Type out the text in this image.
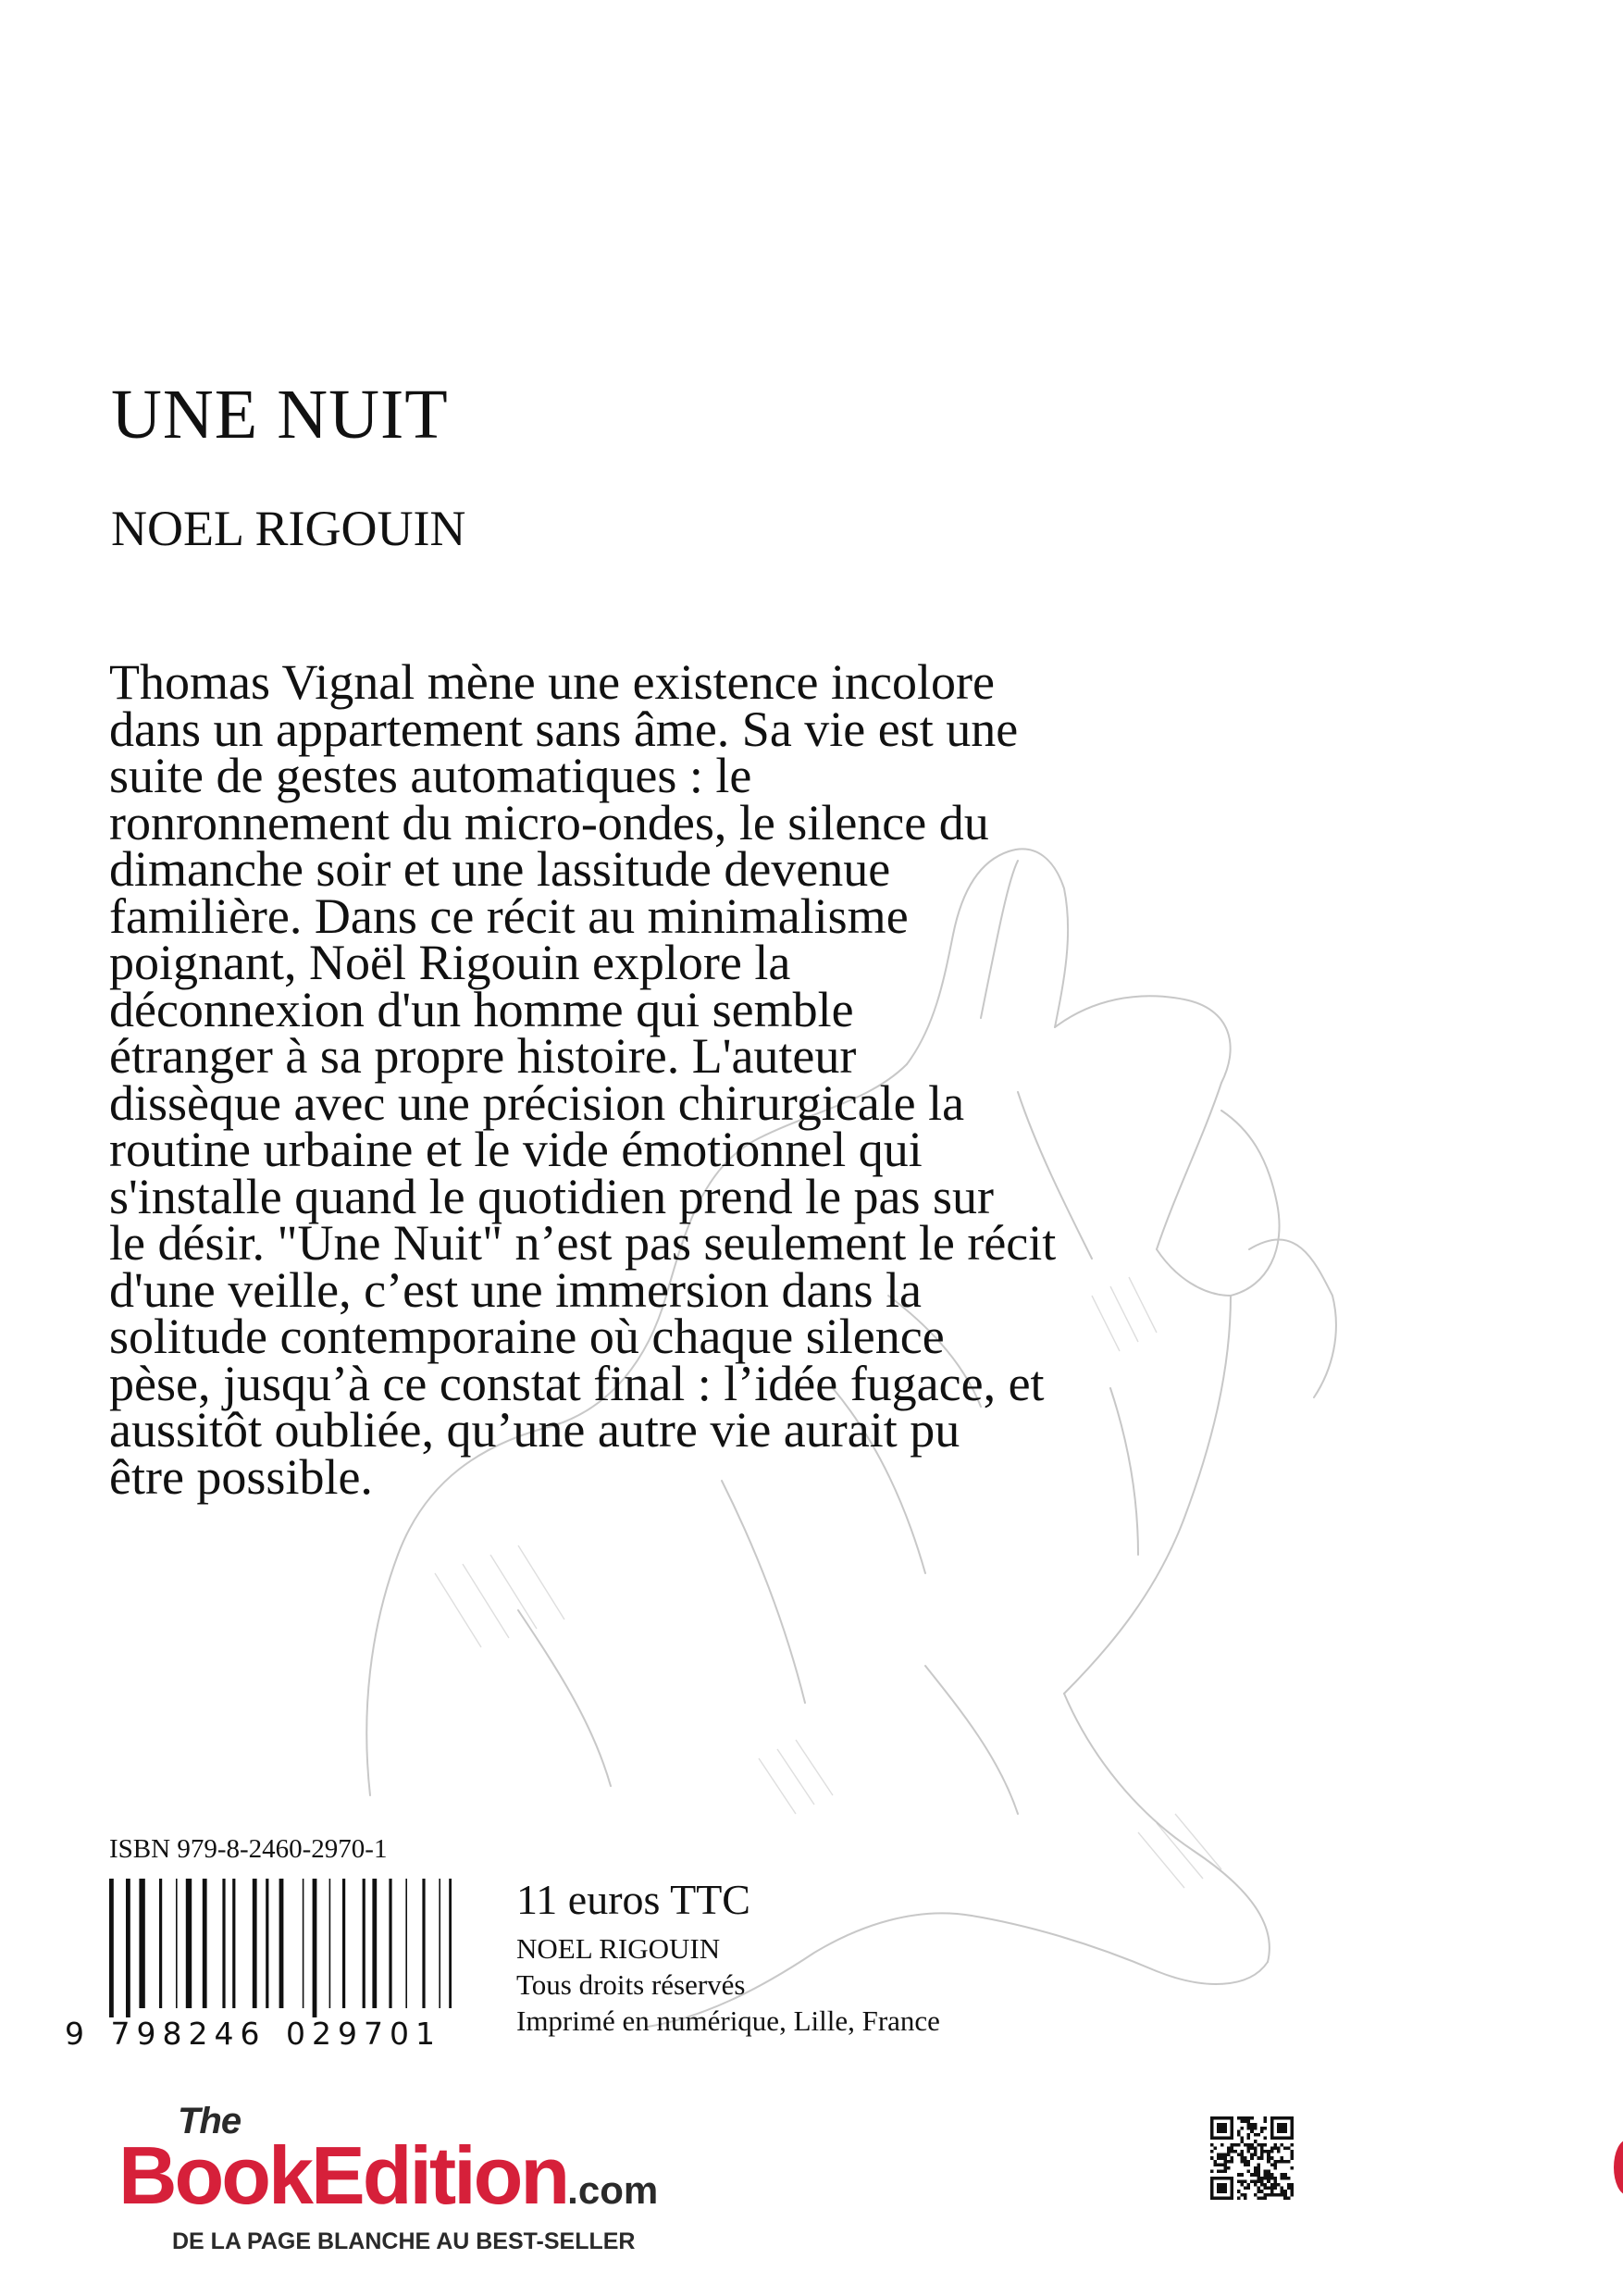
UNE NUIT
NOEL RIGOUIN
Thomas Vignal mène une existence incolore
dans un appartement sans âme. Sa vie est une
suite de gestes automatiques : le
ronronnement du micro-ondes, le silence du
dimanche soir et une lassitude devenue
familière. Dans ce récit au minimalisme
poignant, Noël Rigouin explore la
déconnexion d'un homme qui semble
étranger à sa propre histoire. L'auteur
dissèque avec une précision chirurgicale la
routine urbaine et le vide émotionnel qui
s'installe quand le quotidien prend le pas sur
le désir. "Une Nuit" n’est pas seulement le récit
d'une veille, c’est une immersion dans la
solitude contemporaine où chaque silence
pèse, jusqu’à ce constat final : l’idée fugace, et
aussitôt oubliée, qu’une autre vie aurait pu
être possible.
ISBN 979-8-2460-2970-1
9 798246 029701
11 euros TTC
NOEL RIGOUIN
Tous droits réservés
Imprimé en numérique, Lille, France
The
BookEdition.com
DE LA PAGE BLANCHE AU BEST-SELLER
